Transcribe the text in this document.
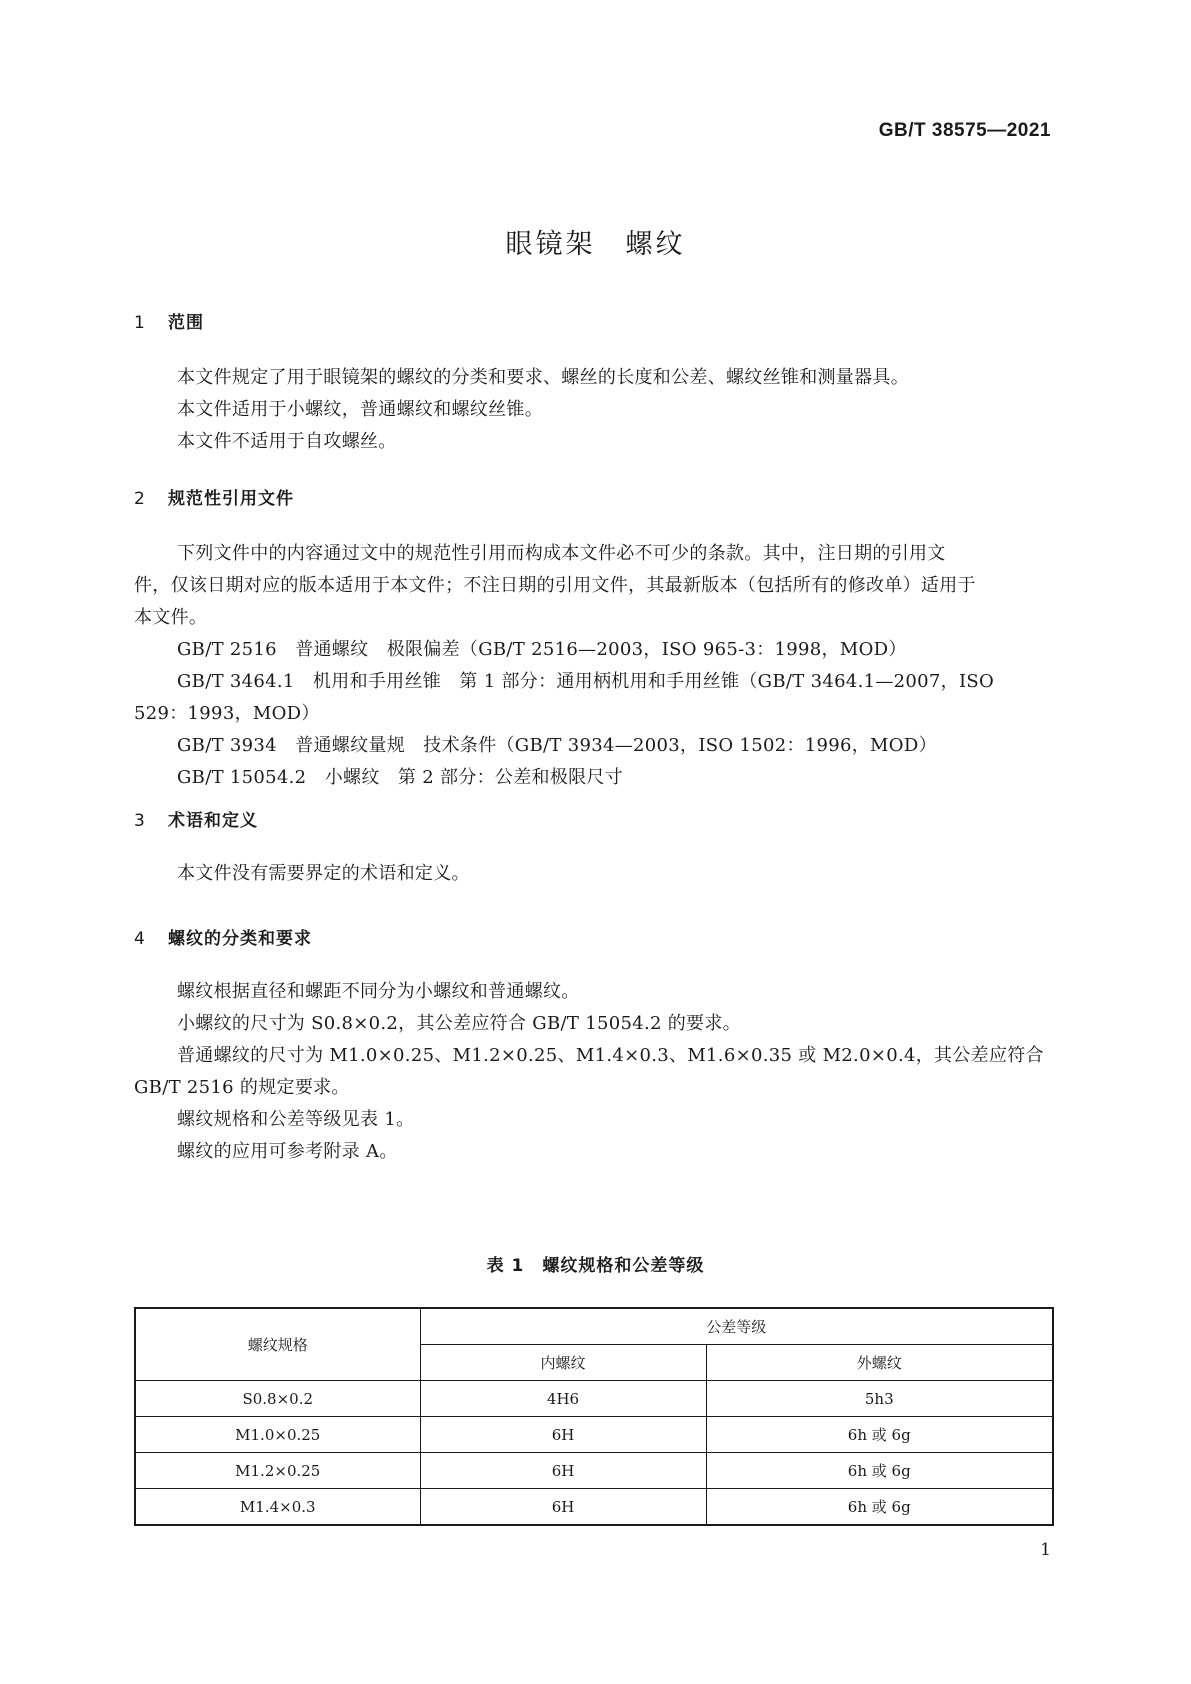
GB/T 38575—2021
眼镜架　螺纹
1 范围
本文件规定了用于眼镜架的螺纹的分类和要求、螺丝的长度和公差、螺纹丝锥和测量器具。
本文件适用于小螺纹，普通螺纹和螺纹丝锥。
本文件不适用于自攻螺丝。
2 规范性引用文件
下列文件中的内容通过文中的规范性引用而构成本文件必不可少的条款。其中，注日期的引用文
件，仅该日期对应的版本适用于本文件；不注日期的引用文件，其最新版本（包括所有的修改单）适用于
本文件。
GB/T 2516　普通螺纹　极限偏差（GB/T 2516—2003，ISO 965-3：1998，MOD）
GB/T 3464.1　机用和手用丝锥　第 1 部分：通用柄机用和手用丝锥（GB/T 3464.1—2007，ISO
529：1993，MOD）
GB/T 3934　普通螺纹量规　技术条件（GB/T 3934—2003，ISO 1502：1996，MOD）
GB/T 15054.2　小螺纹　第 2 部分：公差和极限尺寸
3 术语和定义
本文件没有需要界定的术语和定义。
4 螺纹的分类和要求
螺纹根据直径和螺距不同分为小螺纹和普通螺纹。
小螺纹的尺寸为 S0.8×0.2，其公差应符合 GB/T 15054.2 的要求。
普通螺纹的尺寸为 M1.0×0.25、M1.2×0.25、M1.4×0.3、M1.6×0.35 或 M2.0×0.4，其公差应符合
GB/T 2516 的规定要求。
螺纹规格和公差等级见表 1。
螺纹的应用可参考附录 A。
表 1　螺纹规格和公差等级
螺纹规格	公差等级	
	内螺纹	外螺纹
S0.8×0.2	4H6	5h3
M1.0×0.25	6H	6h 或 6g
M1.2×0.25	6H	6h 或 6g
M1.4×0.3	6H	6h 或 6g
1
